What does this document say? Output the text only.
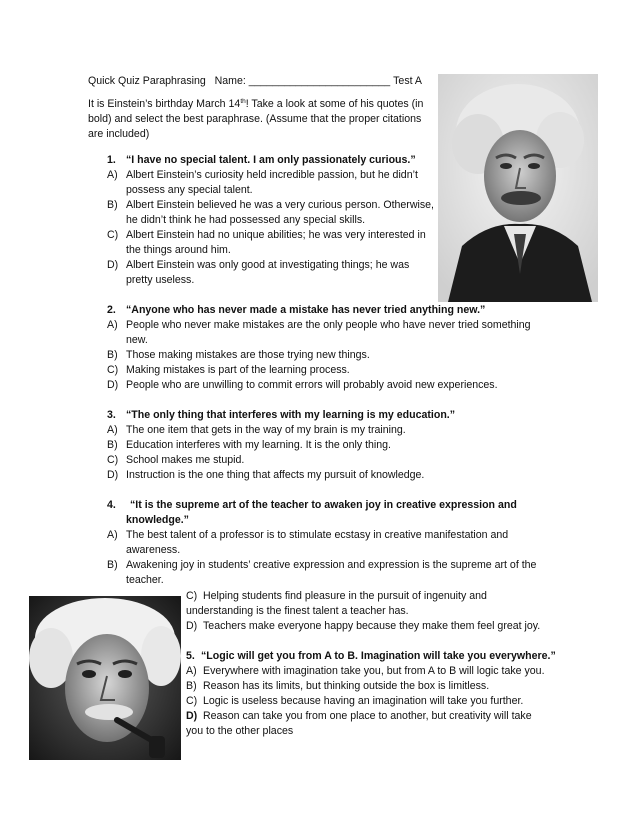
Quick Quiz Paraphrasing Name: ________________________ Test A
It is Einstein’s birthday March 14th! Take a look at some of his quotes (in
bold) and select the best paraphrase. (Assume that the proper citations
are included)
1. “I have no special talent. I am only passionately curious.”
A) Albert Einstein’s curiosity held incredible passion, but he didn’t
possess any special talent.
B) Albert Einstein believed he was a very curious person. Otherwise,
he didn’t think he had possessed any special skills.
C) Albert Einstein had no unique abilities; he was very interested in
the things around him.
D) Albert Einstein was only good at investigating things; he was
pretty useless.
2. “Anyone who has never made a mistake has never tried anything new.”
A) People who never make mistakes are the only people who have never tried something
new.
B) Those making mistakes are those trying new things.
C) Making mistakes is part of the learning process.
D) People who are unwilling to commit errors will probably avoid new experiences.
3. “The only thing that interferes with my learning is my education.”
A) The one item that gets in the way of my brain is my training.
B) Education interferes with my learning. It is the only thing.
C) School makes me stupid.
D) Instruction is the one thing that affects my pursuit of knowledge.
4. “It is the supreme art of the teacher to awaken joy in creative expression and
knowledge.”
A) The best talent of a professor is to stimulate ecstasy in creative manifestation and
awareness.
B) Awakening joy in students’ creative expression and expression is the supreme art of the
teacher.
C) Helping students find pleasure in the pursuit of ingenuity and
understanding is the finest talent a teacher has.
D) Teachers make everyone happy because they make them feel great joy.
5. “Logic will get you from A to B. Imagination will take you everywhere.”
A) Everywhere with imagination take you, but from A to B will logic take you.
B) Reason has its limits, but thinking outside the box is limitless.
C) Logic is useless because having an imagination will take you further.
D) Reason can take you from one place to another, but creativity will take
you to the other places
